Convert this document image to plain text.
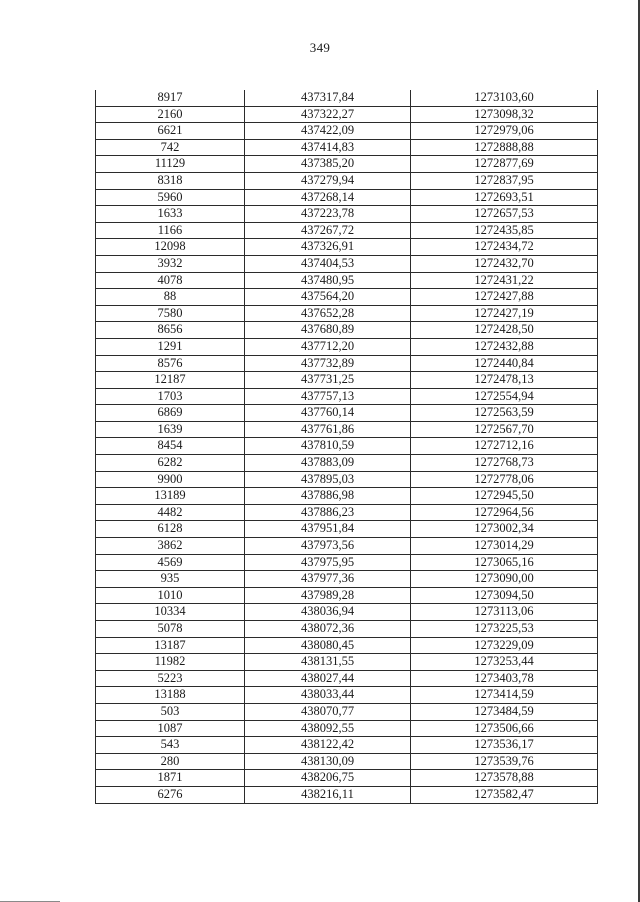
349
8917	437317,84	1273103,60
2160	437322,27	1273098,32
6621	437422,09	1272979,06
742	437414,83	1272888,88
11129	437385,20	1272877,69
8318	437279,94	1272837,95
5960	437268,14	1272693,51
1633	437223,78	1272657,53
1166	437267,72	1272435,85
12098	437326,91	1272434,72
3932	437404,53	1272432,70
4078	437480,95	1272431,22
88	437564,20	1272427,88
7580	437652,28	1272427,19
8656	437680,89	1272428,50
1291	437712,20	1272432,88
8576	437732,89	1272440,84
12187	437731,25	1272478,13
1703	437757,13	1272554,94
6869	437760,14	1272563,59
1639	437761,86	1272567,70
8454	437810,59	1272712,16
6282	437883,09	1272768,73
9900	437895,03	1272778,06
13189	437886,98	1272945,50
4482	437886,23	1272964,56
6128	437951,84	1273002,34
3862	437973,56	1273014,29
4569	437975,95	1273065,16
935	437977,36	1273090,00
1010	437989,28	1273094,50
10334	438036,94	1273113,06
5078	438072,36	1273225,53
13187	438080,45	1273229,09
11982	438131,55	1273253,44
5223	438027,44	1273403,78
13188	438033,44	1273414,59
503	438070,77	1273484,59
1087	438092,55	1273506,66
543	438122,42	1273536,17
280	438130,09	1273539,76
1871	438206,75	1273578,88
6276	438216,11	1273582,47
